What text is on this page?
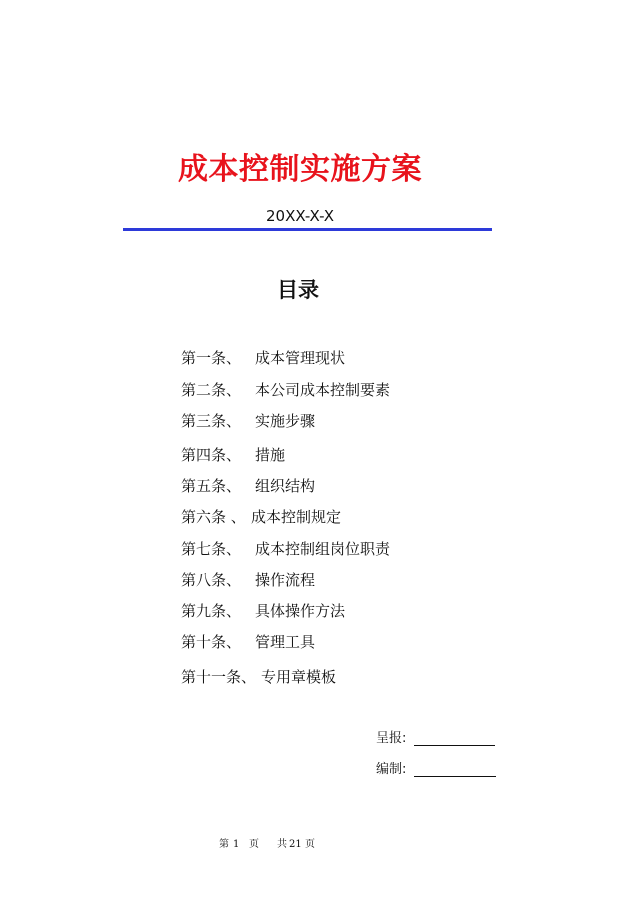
成本控制实施方案
20XX-X-X
目录
第一条、 成本管理现状
第二条、 本公司成本控制要素
第三条、 实施步骤
第四条、 措施
第五条、 组织结构
第六条 、 成本控制规定
第七条、 成本控制组岗位职责
第八条、 操作流程
第九条、 具体操作方法
第十条、 管理工具
第十一条、 专用章模板
呈报:
编制:
第 1 页 共 21 页
